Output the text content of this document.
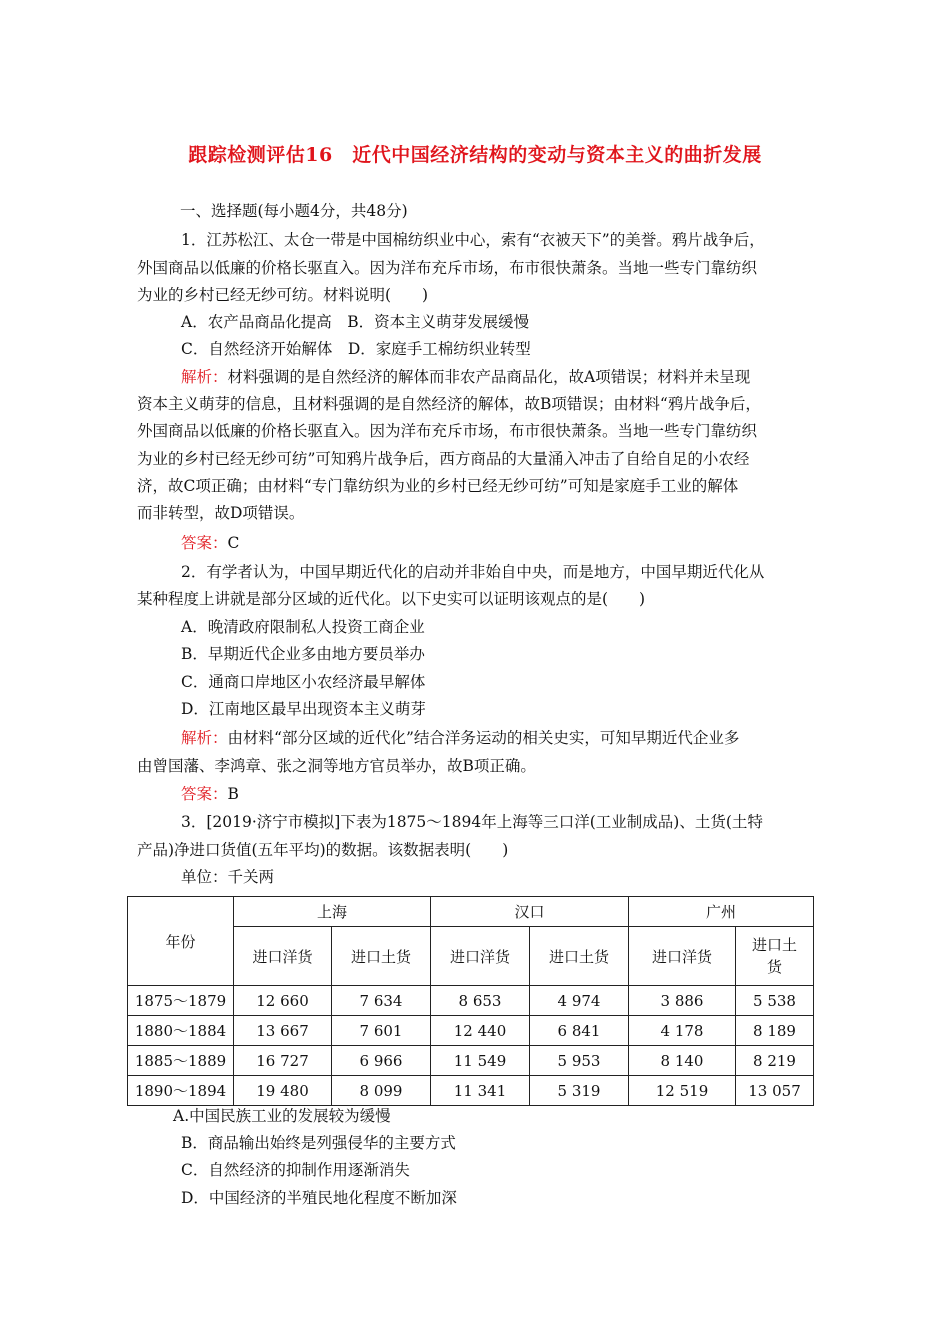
跟踪检测评估16　近代中国经济结构的变动与资本主义的曲折发展
一、选择题(每小题4分，共48分)
1．江苏松江、太仓一带是中国棉纺织业中心，索有“衣被天下”的美誉。鸦片战争后，
外国商品以低廉的价格长驱直入。因为洋布充斥市场，布市很快萧条。当地一些专门靠纺织
为业的乡村已经无纱可纺。材料说明(　　)
A．农产品商品化提高　B．资本主义萌芽发展缓慢
C．自然经济开始解体　D．家庭手工棉纺织业转型
解析：材料强调的是自然经济的解体而非农产品商品化，故A项错误；材料并未呈现
资本主义萌芽的信息，且材料强调的是自然经济的解体，故B项错误；由材料“鸦片战争后，
外国商品以低廉的价格长驱直入。因为洋布充斥市场，布市很快萧条。当地一些专门靠纺织
为业的乡村已经无纱可纺”可知鸦片战争后，西方商品的大量涌入冲击了自给自足的小农经
济，故C项正确；由材料“专门靠纺织为业的乡村已经无纱可纺”可知是家庭手工业的解体
而非转型，故D项错误。
答案：C
2．有学者认为，中国早期近代化的启动并非始自中央，而是地方，中国早期近代化从
某种程度上讲就是部分区域的近代化。以下史实可以证明该观点的是(　　)
A．晚清政府限制私人投资工商企业
B．早期近代企业多由地方要员举办
C．通商口岸地区小农经济最早解体
D．江南地区最早出现资本主义萌芽
解析：由材料“部分区域的近代化”结合洋务运动的相关史实，可知早期近代企业多
由曾国藩、李鸿章、张之洞等地方官员举办，故B项正确。
答案：B
3．[2019·济宁市模拟]下表为1875～1894年上海等三口洋(工业制成品)、土货(土特
产品)净进口货值(五年平均)的数据。该数据表明(　　)
单位：千关两
年份	上海		汉口		广州	
	进口洋货	进口土货	进口洋货	进口土货	进口洋货	进口土
货
1875～1879	12 660	7 634	8 653	4 974	3 886	5 538
1880～1884	13 667	7 601	12 440	6 841	4 178	8 189
1885～1889	16 727	6 966	11 549	5 953	8 140	8 219
1890～1894	19 480	8 099	11 341	5 319	12 519	13 057
A.中国民族工业的发展较为缓慢
B．商品输出始终是列强侵华的主要方式
C．自然经济的抑制作用逐渐消失
D．中国经济的半殖民地化程度不断加深
